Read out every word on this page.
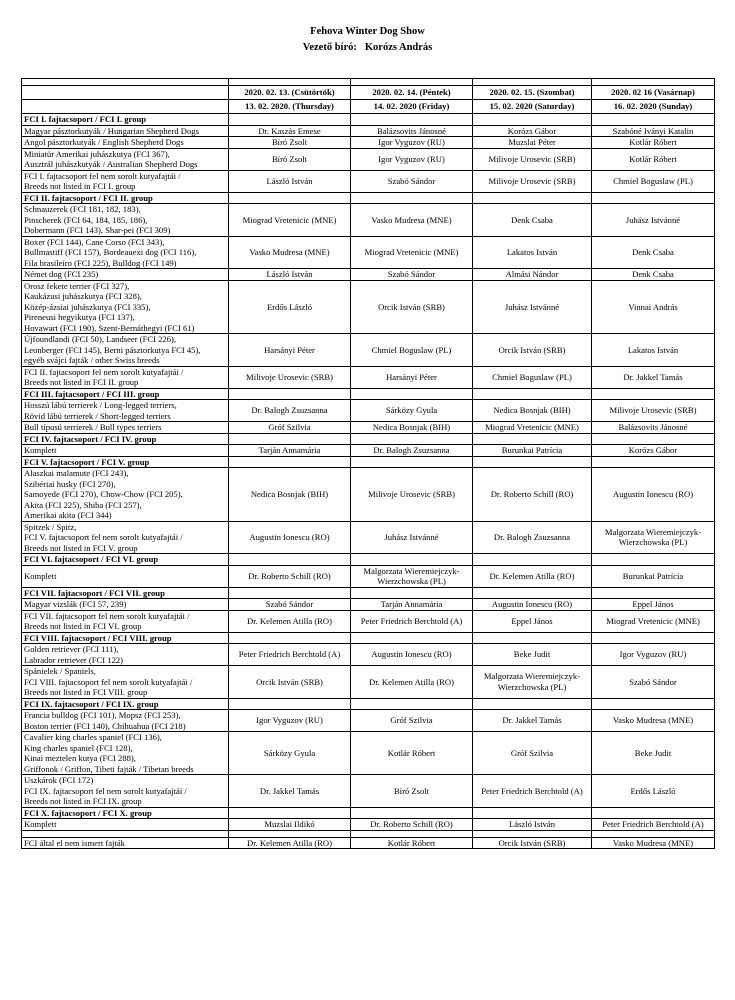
Fehova Winter Dog Show
Vezető bíró: Korózs András

	2020. 02. 13. (Csütörtök)	2020. 02. 14. (Péntek)	2020. 02. 15. (Szombat)	2020. 02 16 (Vasárnap)
	13. 02. 2020. (Thursday)	14. 02. 2020 (Friday)	15. 02. 2020 (Saturday)	16. 02. 2020 (Sunday)
FCI I. fajtacsoport / FCI I. group				

Magyar pásztorkutyák / Hungarian Shepherd Dogs	Dr. Kaszás Emese	Balázsovits Jánosné	Korózs Gábor	Szabóné Iványi Katalin

Angol pásztorkutyák / English Shepherd Dogs	Bíró Zsolt	Igor Vyguzov (RU)	Muzslai Péter	Kotlár Róbert

Miniatür Amerikai juhászkutya (FCI 367),
Ausztrál juhászkutyák / Australian Shepherd Dogs	Bíró Zsolt	Igor Vyguzov (RU)	Milivoje Urosevic (SRB)	Kotlár Róbert

FCI I. fajtacsoport fel nem sorolt kutyafajtái /
Breeds not listed in FCI I. group	László István	Szabó Sándor	Milivoje Urosevic (SRB)	Chmiel Boguslaw (PL)
FCI II. fajtacsoport / FCI II. group				

Schnauzerek (FCI 181, 182, 183),
Pinscherek (FCI 64, 184, 185, 186),
Dobermann (FCI 143), Shar-pei (FCI 309)	Miograd Vretenicic (MNE)	Vasko Mudresa (MNE)	Denk Csaba	Juhász Istvánné

Boxer (FCI 144), Cane Corso (FCI 343),
Bullmastiff (FCI 157), Bordeauexi dog (FCI 116),
Fila brasileiro (FCI 225), Bulldog (FCI 149)	Vasko Mudresa (MNE)	Miograd Vretenicic (MNE)	Lakatos István	Denk Csaba

Német dog (FCI 235)	László István	Szabó Sándor	Almási Nándor	Denk Csaba

Orosz fekete terrier (FCI 327),
Kaukázusi juhászkutya (FCI 328),
Közép-ázsiai juhászkutya (FCI 335),
Pireneusi hegyikutya (FCI 137),
Hovawart (FCI 190), Szent-Bernáthegyi (FCI 61)	Erdős László	Orcik István (SRB)	Juhász Istvánné	Vinnai András

Újfoundlandi (FCI 50), Landseer (FCI 226),
Leonberger (FCI 145), Berni pásztorkutya FCI 45),
egyéb svájci fajták / other Swiss breeds	Harsányi Péter	Chmiel Boguslaw (PL)	Orcik István (SRB)	Lakatos István

FCI II. fajtacsoport fel nem sorolt kutyafajtái /
Breeds not listed in FCI II. group	Milivoje Urosevic (SRB)	Harsányi Péter	Chmiel Boguslaw (PL)	Dr. Jakkel Tamás
FCI III. fajtacsoport / FCI III. group				

Hosszú lábú terrierek / Long-legged terriers,
Rövid lábú terrierek / Short-legged terriers	Dr. Balogh Zsuzsanna	Sárközy Gyula	Nedica Bosnjak (BIH)	Milivoje Urosevic (SRB)

Bull típusú terrierek / Bull types terriers	Gróf Szilvia	Nedica Bosnjak (BIH)	Miograd Vretenicic (MNE)	Balázsovits Jánosné
FCI IV. fajtacsoport / FCI IV. group				

Komplett	Tarján Annamária	Dr. Balogh Zsuzsanna	Burunkai Patrícia	Korózs Gábor
FCI V. fajtacsoport / FCI V. group				

Alaszkai malamute (FCI 243),
Szibériai husky (FCI 270),
Samoyede (FCI 270), Chow-Chow (FCI 205),
Akita (FCI 225), Shiba (FCI 257),
Amerikai akita (FCI 344)	Nedica Bosnjak (BIH)	Milivoje Urosevic (SRB)	Dr. Roberto Schill (RO)	Augustin Ionescu (RO)

Spitzek / Spitz,
FCI V. fajtacsoport fel nem sorolt kutyafajtái /
Breeds not listed in FCI V. group	Augustin Ionescu (RO)	Juhász Istvánné	Dr. Balogh Zsuzsanna	Malgorzata Wieremiejczyk-Wierzchowska (PL)
FCI VI. fajtacsoport / FCI VI. group				

Komplett	Dr. Roberto Schill (RO)	Malgorzata Wieremiejczyk-Wierzchowska (PL)	Dr. Kelemen Atilla (RO)	Burunkai Patrícia
FCI VII. fajtacsoport / FCI VII. group				

Magyar vizslák (FCI 57, 239)	Szabó Sándor	Tarján Annamária	Augustin Ionescu (RO)	Eppel János

FCI VII. fajtacsoport fel nem sorolt kutyafajtái /
Breeds not listed in FCI VI. group	Dr. Kelemen Atilla (RO)	Peter Friedrich Berchtold (A)	Eppel János	Miograd Vretenicic (MNE)
FCI VIII. fajtacsoport / FCI VIII. group				

Golden retriever (FCI 111),
Labrador retriever (FCI 122)	Peter Friedrich Berchtold (A)	Augustin Ionescu (RO)	Beke Judit	Igor Vyguzov (RU)

Spánielek / Spaniels,
FCI VIII. fajtacsoport fel nem sorolt kutyafajtái /
Breeds not listed in FCI VIII. group	Orcik István (SRB)	Dr. Kelemen Atilla (RO)	Malgorzata Wieremiejczyk-Wierzchowska (PL)	Szabó Sándor
FCI IX. fajtacsoport / FCI IX. group				

Francia bulldog (FCI 101), Mopsz (FCI 253),
Boston terrier (FCI 140), Chihuahua (FCI 218)	Igor Vyguzov (RU)	Gróf Szilvia	Dr. Jakkel Tamás	Vasko Mudresa (MNE)

Cavalier king charles spaniel (FCI 136),
King charles spaniel (FCI 128),
Kinai meztelen kutya (FCI 288),
Griffonok / Griffon, Tibeti fajták / Tibetan breeds	Sárközy Gyula	Kotlár Róbert	Gróf Szilvia	Beke Judit

Uszkárok (FCI 172)
FCI IX. fajtacsoport fel nem sorolt kutyafajtái /
Breeds not listed in FCI IX. group	Dr. Jakkel Tamás	Bíró Zsolt	Peter Friedrich Berchtold (A)	Erdős László
FCI X. fajtacsoport / FCI X. group				

Komplett	Muzslai Ildikó	Dr. Roberto Schill (RO)	László István	Peter Friedrich Berchtold (A)

FCI által el nem ismert fajták	Dr. Kelemen Atilla (RO)	Kotlár Róbert	Orcik István (SRB)	Vasko Mudresa (MNE)
